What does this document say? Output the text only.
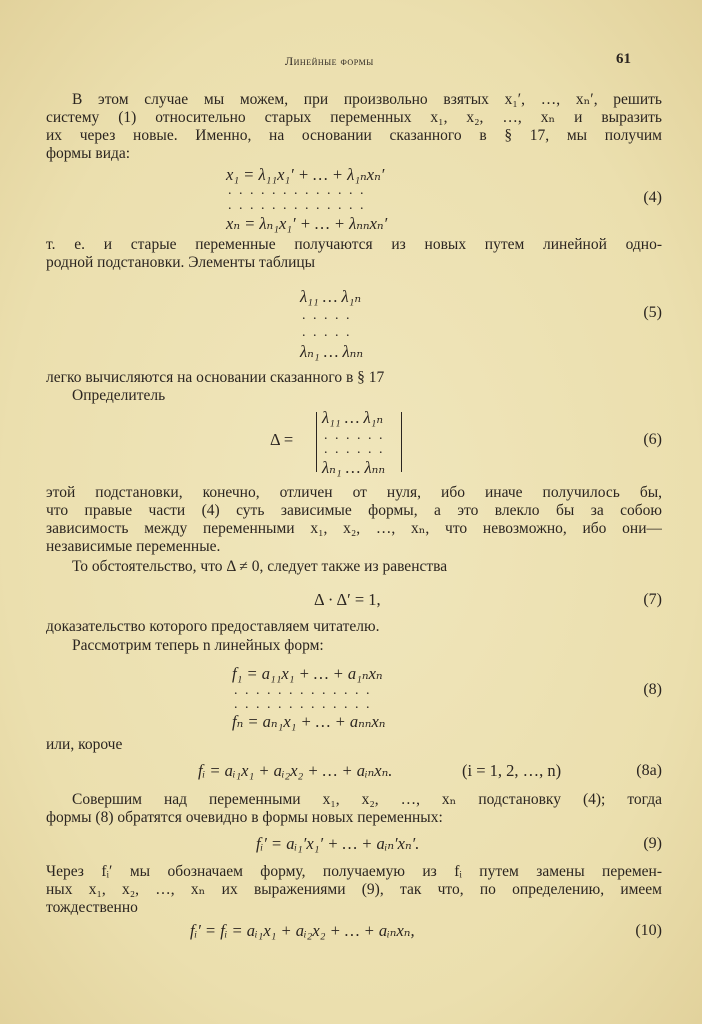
Линейные формы	61
В этом случае мы можем, при произвольно взятых x₁′, …, xₙ′, решить
систему (1) относительно старых переменных x₁, x₂, …, xₙ и выразить
их через новые. Именно, на основании сказанного в § 17, мы получим
формы вида:
x₁ = λ₁₁x₁′ + … + λ₁ₙxₙ′
.............
.............
xₙ = λₙ₁x₁′ + … + λₙₙxₙ′
(4)
т. е. и старые переменные получаются из новых путем линейной одно-
родной подстановки. Элементы таблицы
λ₁₁ … λ₁ₙ
.....
.....
λₙ₁ … λₙₙ
(5)
легко вычисляются на основании сказанного в § 17
Определитель
Δ =
λ₁₁ … λ₁ₙ
......
......
λₙ₁ … λₙₙ
(6)
этой подстановки, конечно, отличен от нуля, ибо иначе получилось бы,
что правые части (4) суть зависимые формы, а это влекло бы за собою
зависимость между переменными x₁, x₂, …, xₙ, что невозможно, ибо они—
независимые переменные.
То обстоятельство, что Δ ≠ 0, следует также из равенства
Δ · Δ′ = 1,	(7)
доказательство которого предоставляем читателю.
Рассмотрим теперь n линейных форм:
f₁ = a₁₁x₁ + … + a₁ₙxₙ
.............
.............
fₙ = aₙ₁x₁ + … + aₙₙxₙ
(8)
или, короче
fᵢ = aᵢ₁x₁ + aᵢ₂x₂ + … + aᵢₙxₙ.	(i = 1, 2, …, n)	(8a)
Совершим над переменными x₁, x₂, …, xₙ подстановку (4); тогда
формы (8) обратятся очевидно в формы новых переменных:
fᵢ′ = aᵢ₁′x₁′ + … + aᵢₙ′xₙ′.	(9)
Через fᵢ′ мы обозначаем форму, получаемую из fᵢ путем замены перемен-
ных x₁, x₂, …, xₙ их выражениями (9), так что, по определению, имеем
тождественно
fᵢ′ = fᵢ = aᵢ₁x₁ + aᵢ₂x₂ + … + aᵢₙxₙ,	(10)
